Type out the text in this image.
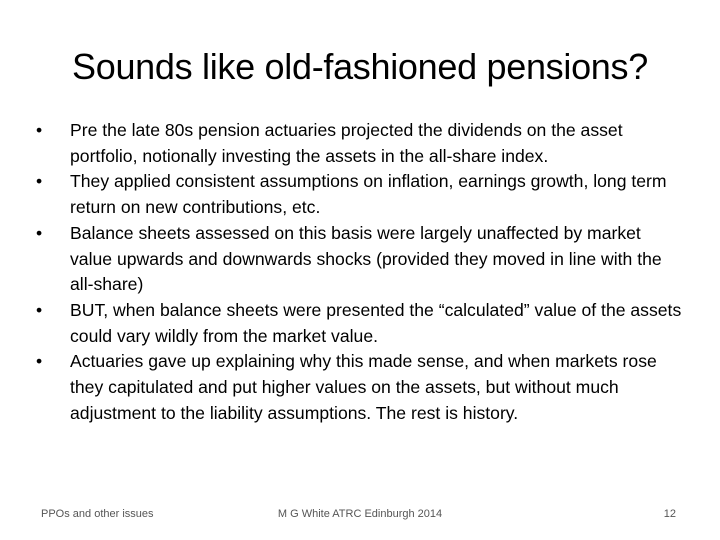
Sounds like old-fashioned pensions?
•	Pre the late 80s pension actuaries projected the dividends on the asset portfolio, notionally investing the assets in the all-share index.
•	They applied consistent assumptions on inflation, earnings growth, long term return on new contributions, etc.
•	Balance sheets assessed on this basis were largely unaffected by market value upwards and downwards shocks (provided they moved in line with the all-share)
•	BUT, when balance sheets were presented the “calculated” value of the assets could vary wildly from the market value.
•	Actuaries gave up explaining why this made sense, and when markets rose they capitulated and put higher values on the assets, but without much adjustment to the liability assumptions. The rest is history.
PPOs and other issues	M G White ATRC Edinburgh 2014	12
